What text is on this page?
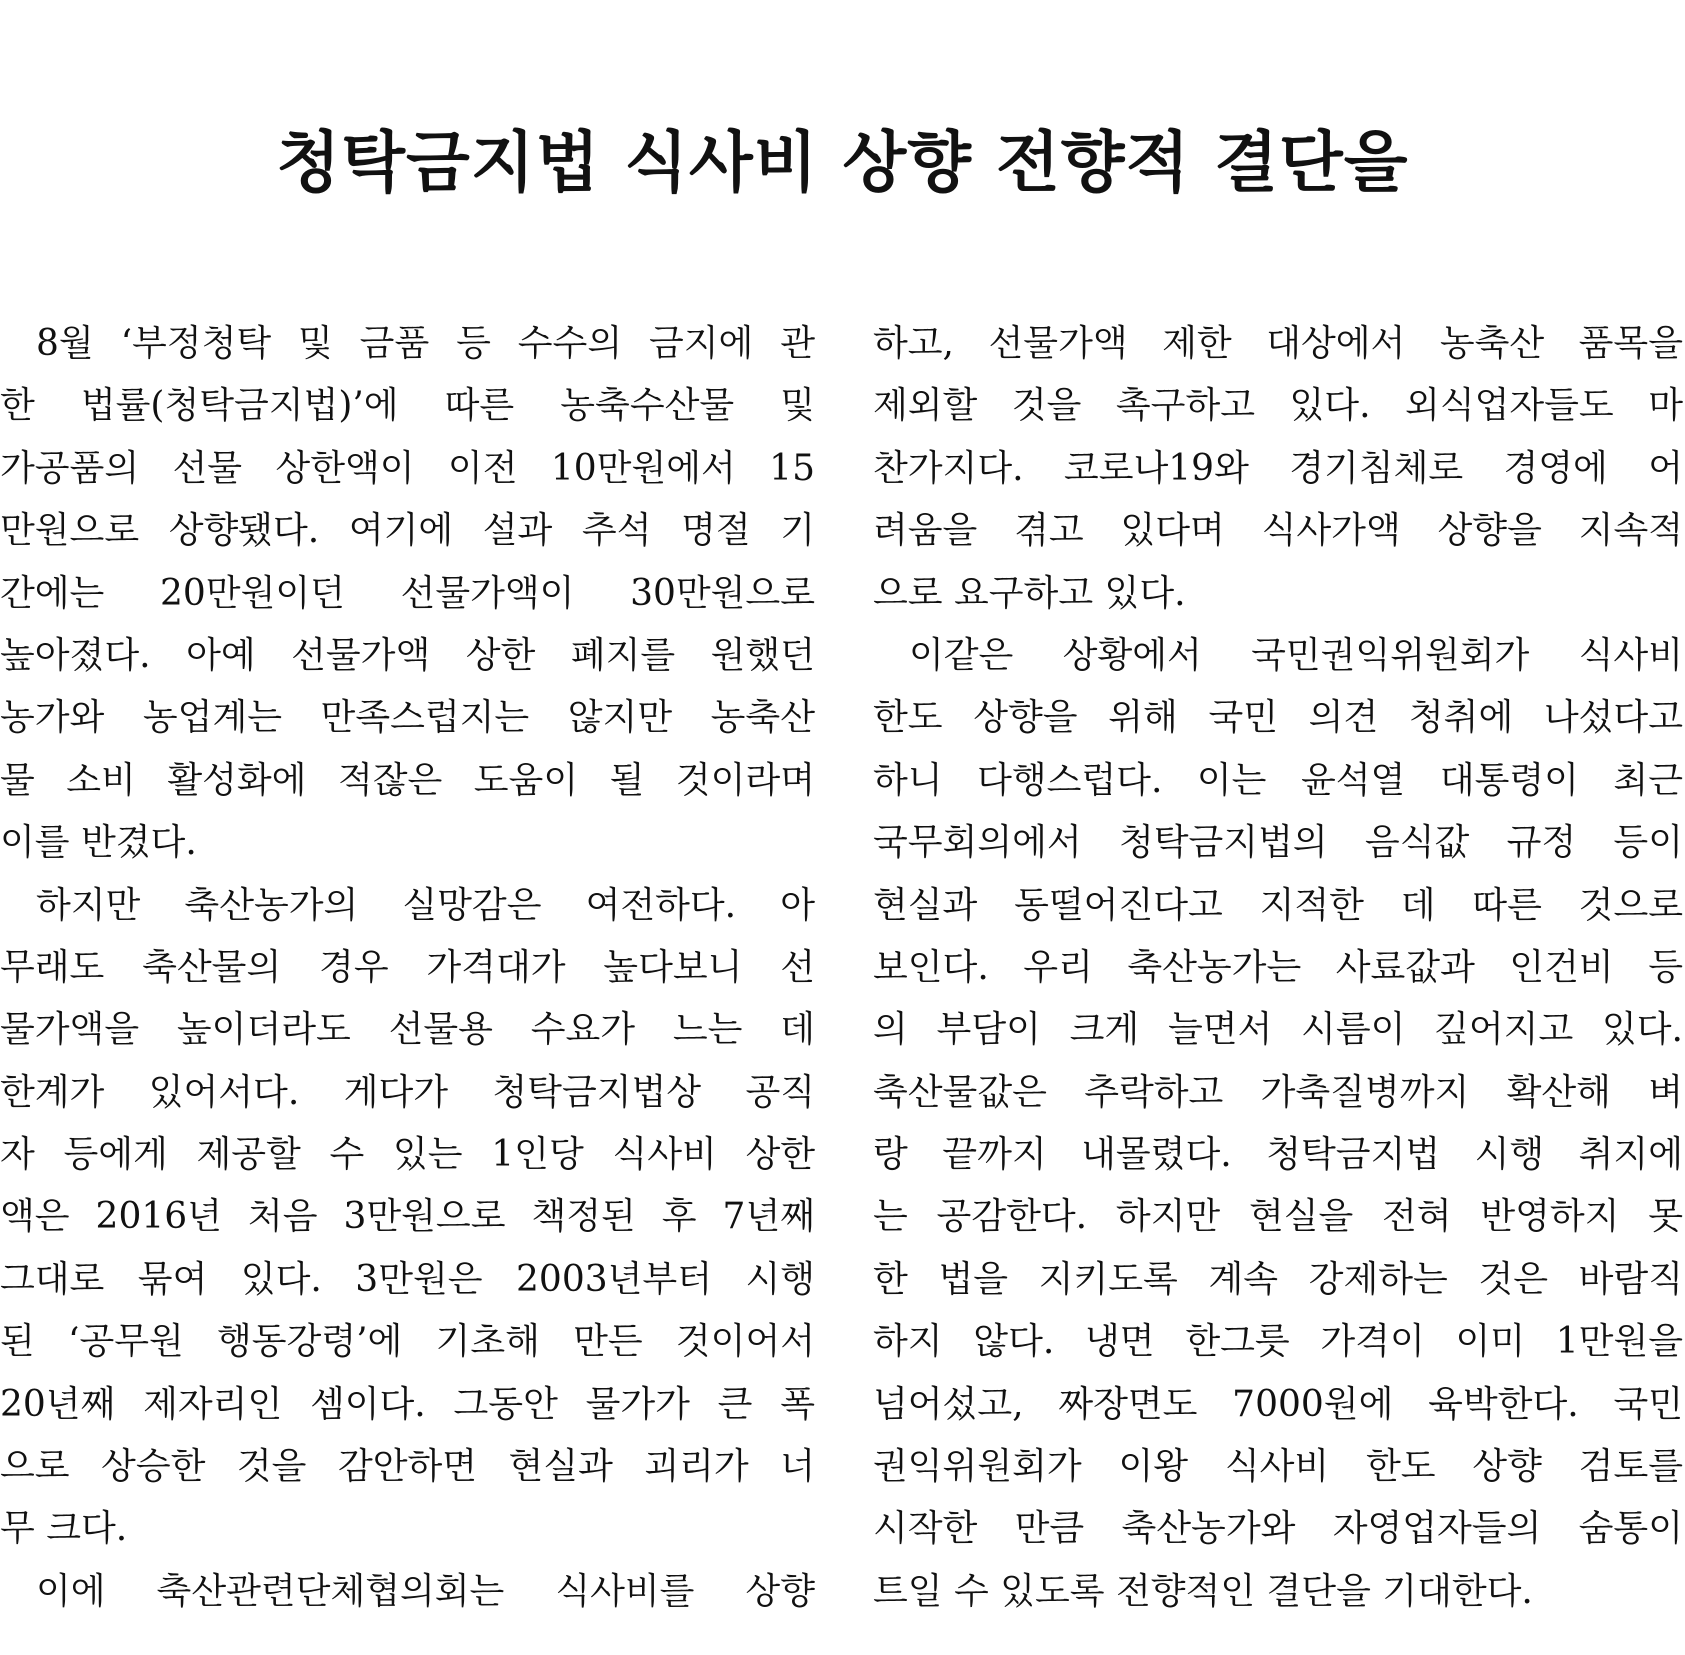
청탁금지법 식사비 상향 전향적 결단을
8월 ‘부정청탁 및 금품 등 수수의 금지에 관
한 법률(청탁금지법)’에 따른 농축수산물 및
가공품의 선물 상한액이 이전 10만원에서 15
만원으로 상향됐다. 여기에 설과 추석 명절 기
간에는 20만원이던 선물가액이 30만원으로
높아졌다. 아예 선물가액 상한 폐지를 원했던
농가와 농업계는 만족스럽지는 않지만 농축산
물 소비 활성화에 적잖은 도움이 될 것이라며
이를 반겼다.
하지만 축산농가의 실망감은 여전하다. 아
무래도 축산물의 경우 가격대가 높다보니 선
물가액을 높이더라도 선물용 수요가 느는 데
한계가 있어서다. 게다가 청탁금지법상 공직
자 등에게 제공할 수 있는 1인당 식사비 상한
액은 2016년 처음 3만원으로 책정된 후 7년째
그대로 묶여 있다. 3만원은 2003년부터 시행
된 ‘공무원 행동강령’에 기초해 만든 것이어서
20년째 제자리인 셈이다. 그동안 물가가 큰 폭
으로 상승한 것을 감안하면 현실과 괴리가 너
무 크다.
이에 축산관련단체협의회는 식사비를 상향
하고, 선물가액 제한 대상에서 농축산 품목을
제외할 것을 촉구하고 있다. 외식업자들도 마
찬가지다. 코로나19와 경기침체로 경영에 어
려움을 겪고 있다며 식사가액 상향을 지속적
으로 요구하고 있다.
이같은 상황에서 국민권익위원회가 식사비
한도 상향을 위해 국민 의견 청취에 나섰다고
하니 다행스럽다. 이는 윤석열 대통령이 최근
국무회의에서 청탁금지법의 음식값 규정 등이
현실과 동떨어진다고 지적한 데 따른 것으로
보인다. 우리 축산농가는 사료값과 인건비 등
의 부담이 크게 늘면서 시름이 깊어지고 있다.
축산물값은 추락하고 가축질병까지 확산해 벼
랑 끝까지 내몰렸다. 청탁금지법 시행 취지에
는 공감한다. 하지만 현실을 전혀 반영하지 못
한 법을 지키도록 계속 강제하는 것은 바람직
하지 않다. 냉면 한그릇 가격이 이미 1만원을
넘어섰고, 짜장면도 7000원에 육박한다. 국민
권익위원회가 이왕 식사비 한도 상향 검토를
시작한 만큼 축산농가와 자영업자들의 숨통이
트일 수 있도록 전향적인 결단을 기대한다.
